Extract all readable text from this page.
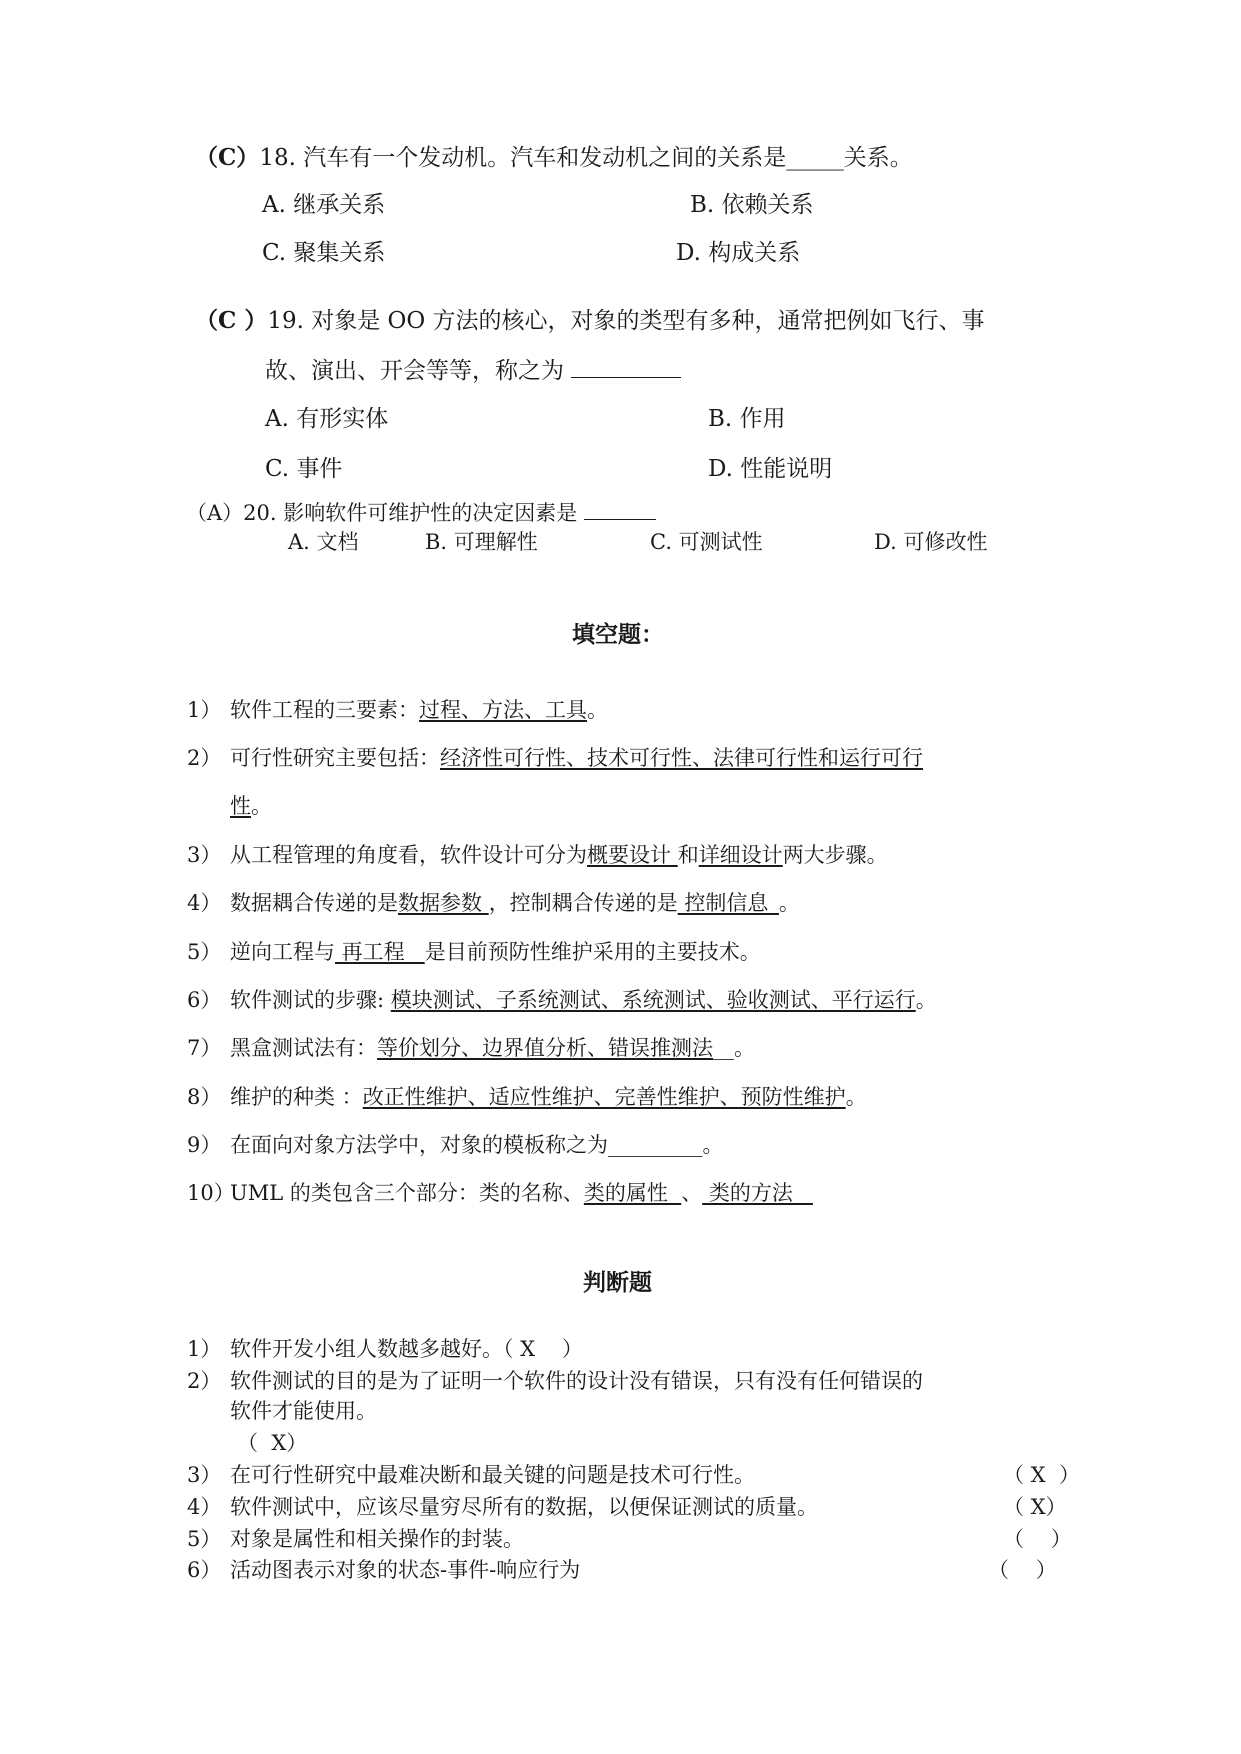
（C）18. 汽车有一个发动机。汽车和发动机之间的关系是_____关系。
A. 继承关系	B. 依赖关系
C. 聚集关系	D. 构成关系
（C ）19. 对象是 OO 方法的核心，对象的类型有多种，通常把例如飞行、事
故、演出、开会等等，称之为
A. 有形实体	B. 作用
C. 事件	D. 性能说明
（A）20. 影响软件可维护性的决定因素是
A. 文档	B. 可理解性	C. 可测试性	D. 可修改性
填空题：
1） 软件工程的三要素：过程、方法、工具。
2） 可行性研究主要包括：经济性可行性、技术可行性、法律可行性和运行可行
性。
3） 从工程管理的角度看，软件设计可分为概要设计 和详细设计两大步骤。
4） 数据耦合传递的是数据参数 ，控制耦合传递的是 控制信息_。
5） 逆向工程与 再工程   是目前预防性维护采用的主要技术。
6） 软件测试的步骤: 模块测试、子系统测试、系统测试、验收测试、平行运行。
7） 黑盒测试法有：等价划分、边界值分析、错误推测法__。
8） 维护的种类 ：改正性维护、适应性维护、完善性维护、预防性维护。
9） 在面向对象方法学中，对象的模板称之为_________。
10）UML 的类包含三个部分：类的名称、类的属性  、 类的方法
判断题
1） 软件开发小组人数越多越好。（ X    ）
2） 软件测试的目的是为了证明一个软件的设计没有错误，只有没有任何错误的
软件才能使用。
（  X）
3） 在可行性研究中最难决断和最关键的问题是技术可行性。	（ X  ）
4） 软件测试中，应该尽量穷尽所有的数据，以便保证测试的质量。	（ X）
5） 对象是属性和相关操作的封装。	（    ）
6） 活动图表示对象的状态-事件-响应行为	（    ）
